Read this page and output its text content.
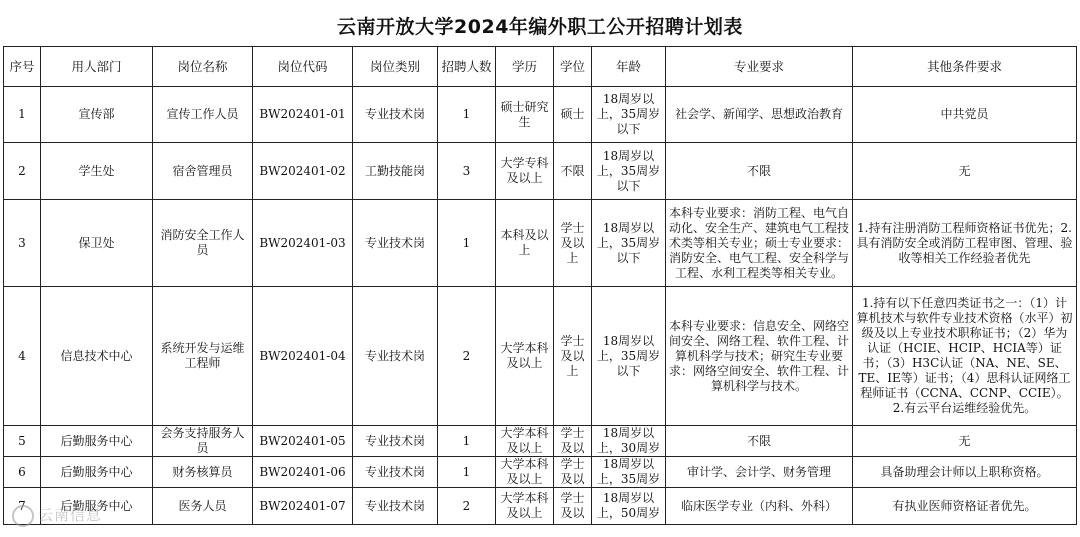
云南开放大学2024年编外职工公开招聘计划表
序号	用人部门	岗位名称	岗位代码	岗位类别	招聘人数	学历	学位	年龄	专业要求	其他条件要求
1	宣传部	宣传工作人员	BW202401-01	专业技术岗	1	硕士研究生	硕士	18周岁以上，35周岁以下	社会学、新闻学、思想政治教育	中共党员
2	学生处	宿舍管理员	BW202401-02	工勤技能岗	3	大学专科及以上	不限	18周岁以上，35周岁以下	不限	无
3	保卫处	消防安全工作人员	BW202401-03	专业技术岗	1	本科及以上	学士及以上	18周岁以上，35周岁以下	本科专业要求：消防工程、电气自动化、安全生产、建筑电气工程技术类等相关专业；硕士专业要求：消防安全、电气工程、安全科学与工程、水利工程类等相关专业。	1.持有注册消防工程师资格证书优先；2.具有消防安全或消防工程审图、管理、验收等相关工作经验者优先
4	信息技术中心	系统开发与运维工程师	BW202401-04	专业技术岗	2	大学本科及以上	学士及以上	18周岁以上，35周岁以下	本科专业要求：信息安全、网络空间安全、网络工程、软件工程、计算机科学与技术；研究生专业要求：网络空间安全、软件工程、计算机科学与技术。	1.持有以下任意四类证书之一：（1）计算机技术与软件专业技术资格（水平）初级及以上专业技术职称证书；（2）华为认证（HCIE、HCIP、HCIA等）证书；（3）H3C认证（NA、NE、SE、TE、IE等）证书；（4）思科认证网络工程师证书（CCNA、CCNP、CCIE）。2.有云平台运维经验优先。
5	后勤服务中心	会务支持服务人员	BW202401-05	专业技术岗	1	大学本科及以上	学士及以	18周岁以上，30周岁	不限	无
6	后勤服务中心	财务核算员	BW202401-06	专业技术岗	1	大学本科及以上	学士及以	18周岁以上，35周岁	审计学、会计学、财务管理	具备助理会计师以上职称资格。
7	后勤服务中心	医务人员	BW202401-07	专业技术岗	2	大学本科及以上	学士及以	18周岁以上，50周岁	临床医学专业（内科、外科）	有执业医师资格证者优先。
云南信息
